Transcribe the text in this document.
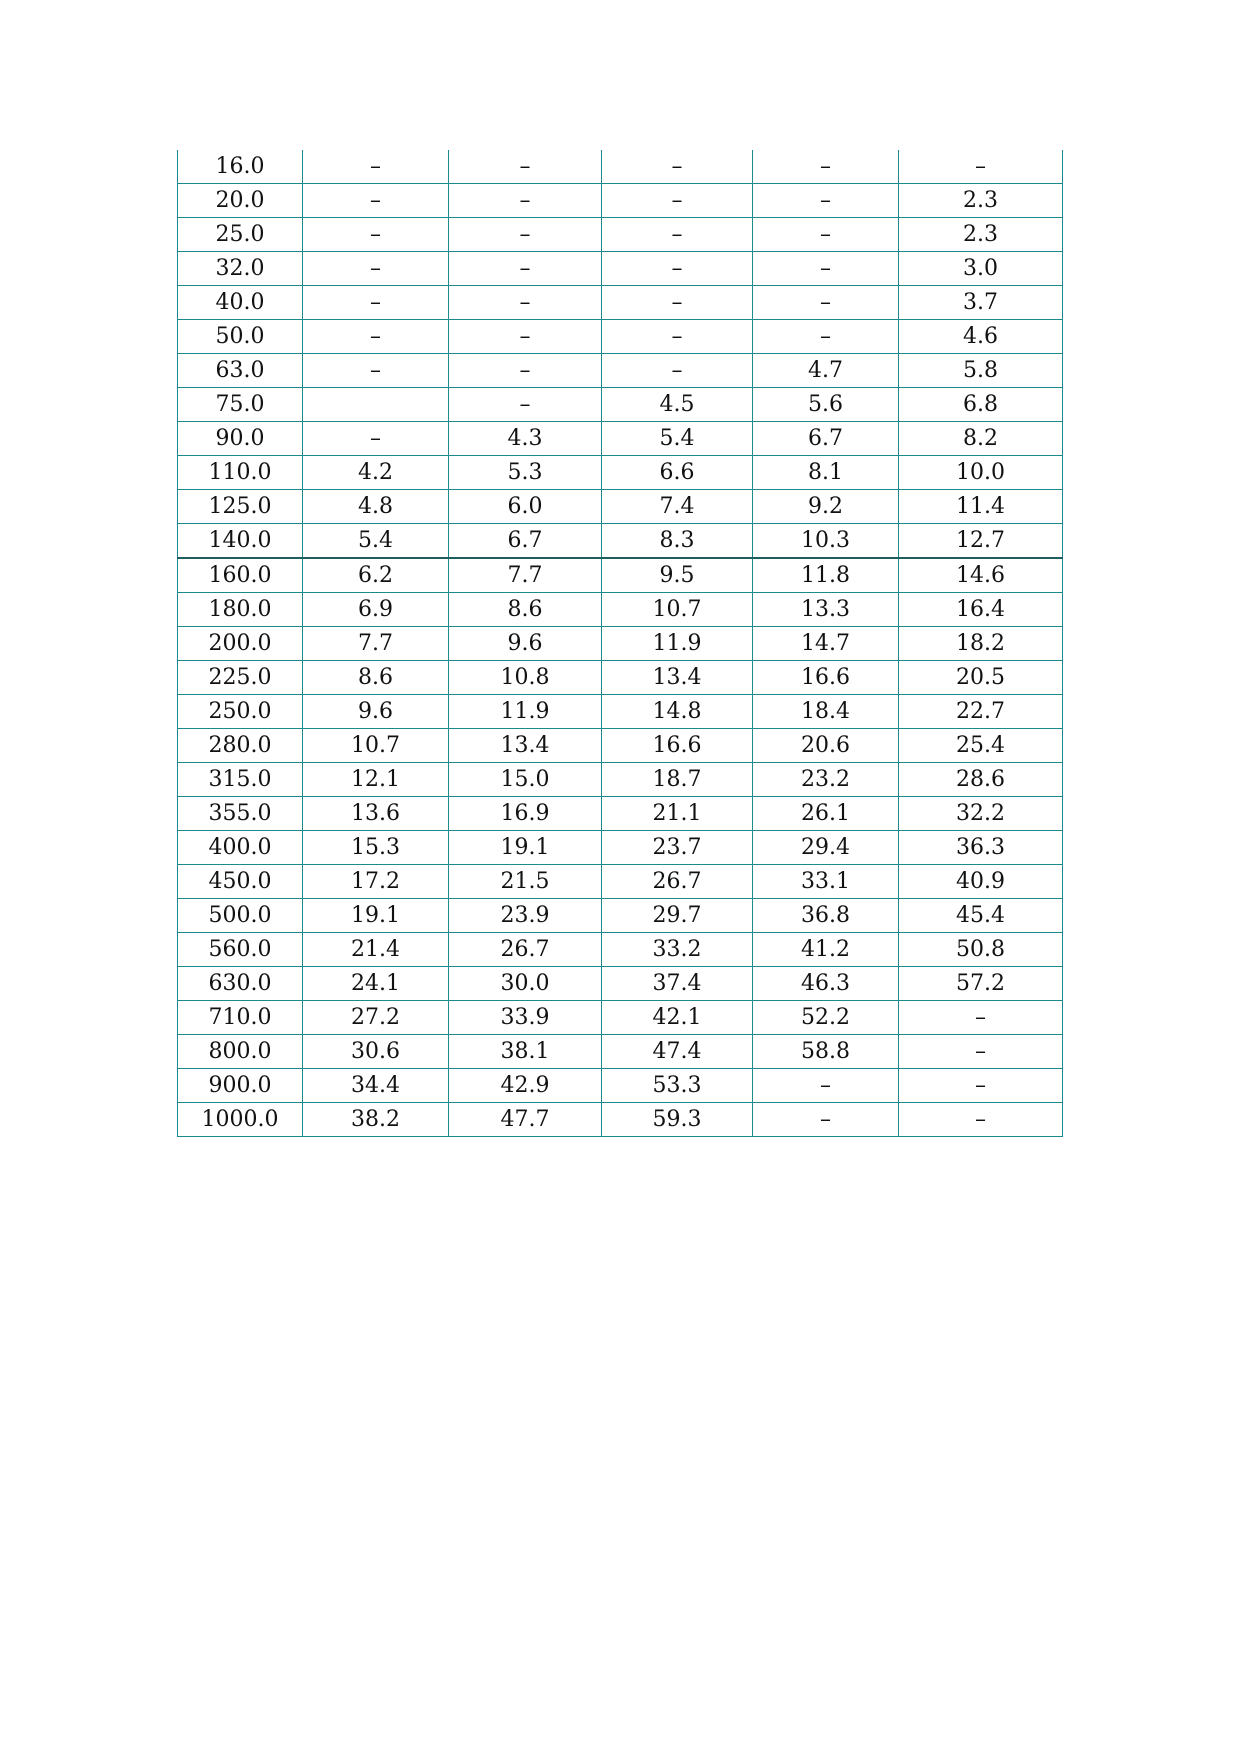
16.0	–	–	–	–	–
20.0	–	–	–	–	2.3
25.0	–	–	–	–	2.3
32.0	–	–	–	–	3.0
40.0	–	–	–	–	3.7
50.0	–	–	–	–	4.6
63.0	–	–	–	4.7	5.8
75.0		–	4.5	5.6	6.8
90.0	–	4.3	5.4	6.7	8.2
110.0	4.2	5.3	6.6	8.1	10.0
125.0	4.8	6.0	7.4	9.2	11.4
140.0	5.4	6.7	8.3	10.3	12.7
160.0	6.2	7.7	9.5	11.8	14.6
180.0	6.9	8.6	10.7	13.3	16.4
200.0	7.7	9.6	11.9	14.7	18.2
225.0	8.6	10.8	13.4	16.6	20.5
250.0	9.6	11.9	14.8	18.4	22.7
280.0	10.7	13.4	16.6	20.6	25.4
315.0	12.1	15.0	18.7	23.2	28.6
355.0	13.6	16.9	21.1	26.1	32.2
400.0	15.3	19.1	23.7	29.4	36.3
450.0	17.2	21.5	26.7	33.1	40.9
500.0	19.1	23.9	29.7	36.8	45.4
560.0	21.4	26.7	33.2	41.2	50.8
630.0	24.1	30.0	37.4	46.3	57.2
710.0	27.2	33.9	42.1	52.2	–
800.0	30.6	38.1	47.4	58.8	–
900.0	34.4	42.9	53.3	–	–
1000.0	38.2	47.7	59.3	–	–
